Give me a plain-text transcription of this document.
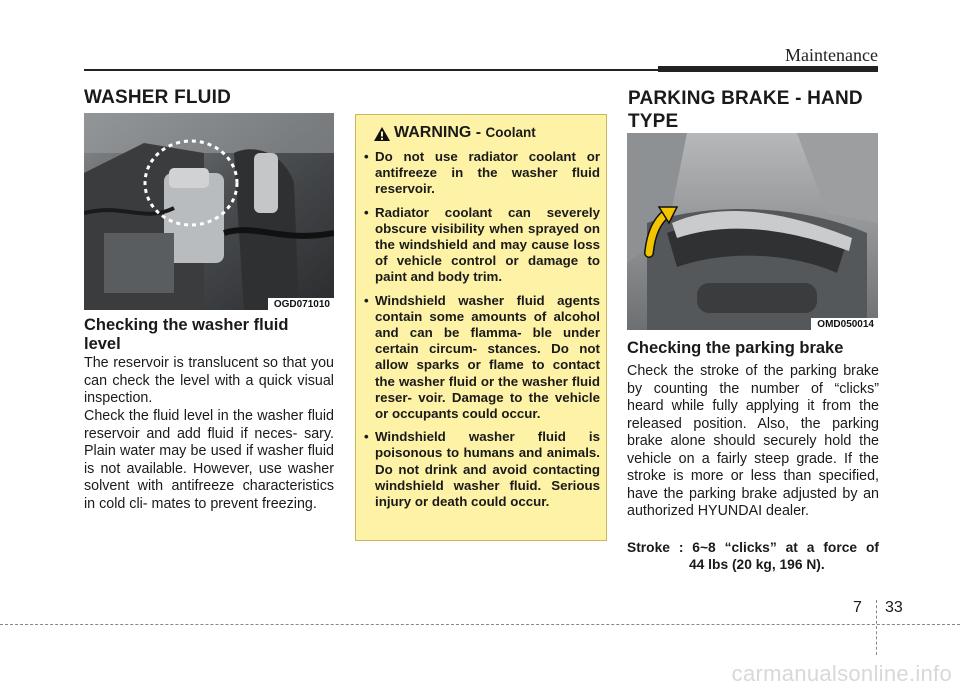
Maintenance
WASHER FLUID
OGD071010
Checking the washer fluid level

The reservoir is translucent so that you can check the level with a quick visual inspection.

Check the fluid level in the washer fluid reservoir and add fluid if neces- sary. Plain water may be used if washer fluid is not available. However, use washer solvent with antifreeze characteristics in cold cli- mates to prevent freezing.

WARNING - Coolant
• Do not use radiator coolant or antifreeze in the washer fluid reservoir.
• Radiator coolant can severely obscure visibility when sprayed on the windshield and may cause loss of vehicle control or damage to paint and body trim.
• Windshield washer fluid agents contain some amounts of alcohol and can be flamma- ble under certain circum- stances. Do not allow sparks or flame to contact the washer fluid or the washer fluid reser- voir. Damage to the vehicle or occupants could occur.
• Windshield washer fluid is poisonous to humans and animals. Do not drink and avoid contacting windshield washer fluid. Serious injury or death could occur.
PARKING BRAKE - HAND TYPE
OMD050014
Checking the parking brake

Check the stroke of the parking brake by counting the number of “clicks” heard while fully applying it from the released position. Also, the parking brake alone should securely hold the vehicle on a fairly steep grade. If the stroke is more or less than specified, have the parking brake adjusted by an authorized HYUNDAI dealer.

Stroke : 6~8 “clicks” at a force of
44 lbs (20 kg, 196 N).

7 33
carmanualsonline.info
